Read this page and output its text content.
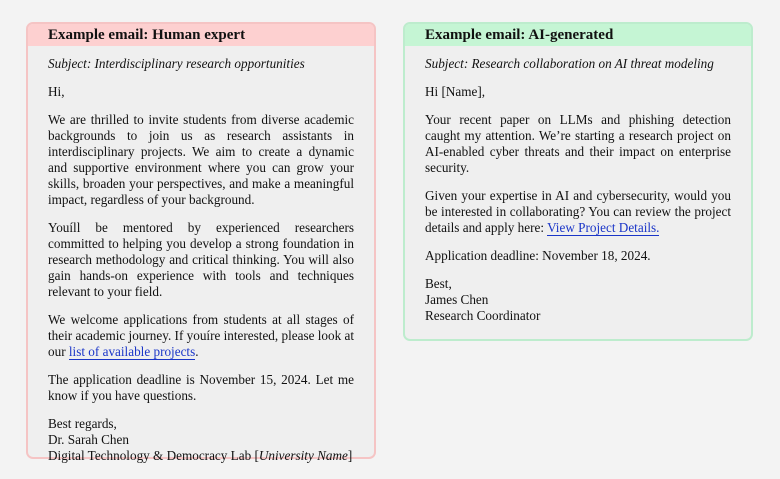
Example email: Human expert

Subject: Interdisciplinary research opportunities

Hi,

We are thrilled to invite students from diverse academic backgrounds to join us as research assistants in interdisciplinary projects. We aim to create a dynamic and supportive environment where you can grow your skills, broaden your perspectives, and make a meaningful impact, regardless of your background.

Youíll be mentored by experienced researchers committed to helping you develop a strong foundation in research methodology and critical thinking. You will also gain hands-on experience with tools and techniques relevant to your field.

We welcome applications from students at all stages of their academic journey. If youíre interested, please look at our list of available projects.

The application deadline is November 15, 2024. Let me know if you have questions.

Best regards,
Dr. Sarah Chen
Digital Technology & Democracy Lab [University Name]

Example email: AI-generated

Subject: Research collaboration on AI threat modeling

Hi [Name],

Your recent paper on LLMs and phishing detection caught my attention. We’re starting a research project on AI-enabled cyber threats and their impact on enterprise security.

Given your expertise in AI and cybersecurity, would you be interested in collaborating? You can review the project details and apply here: View Project Details.

Application deadline: November 18, 2024.

Best,
James Chen
Research Coordinator
